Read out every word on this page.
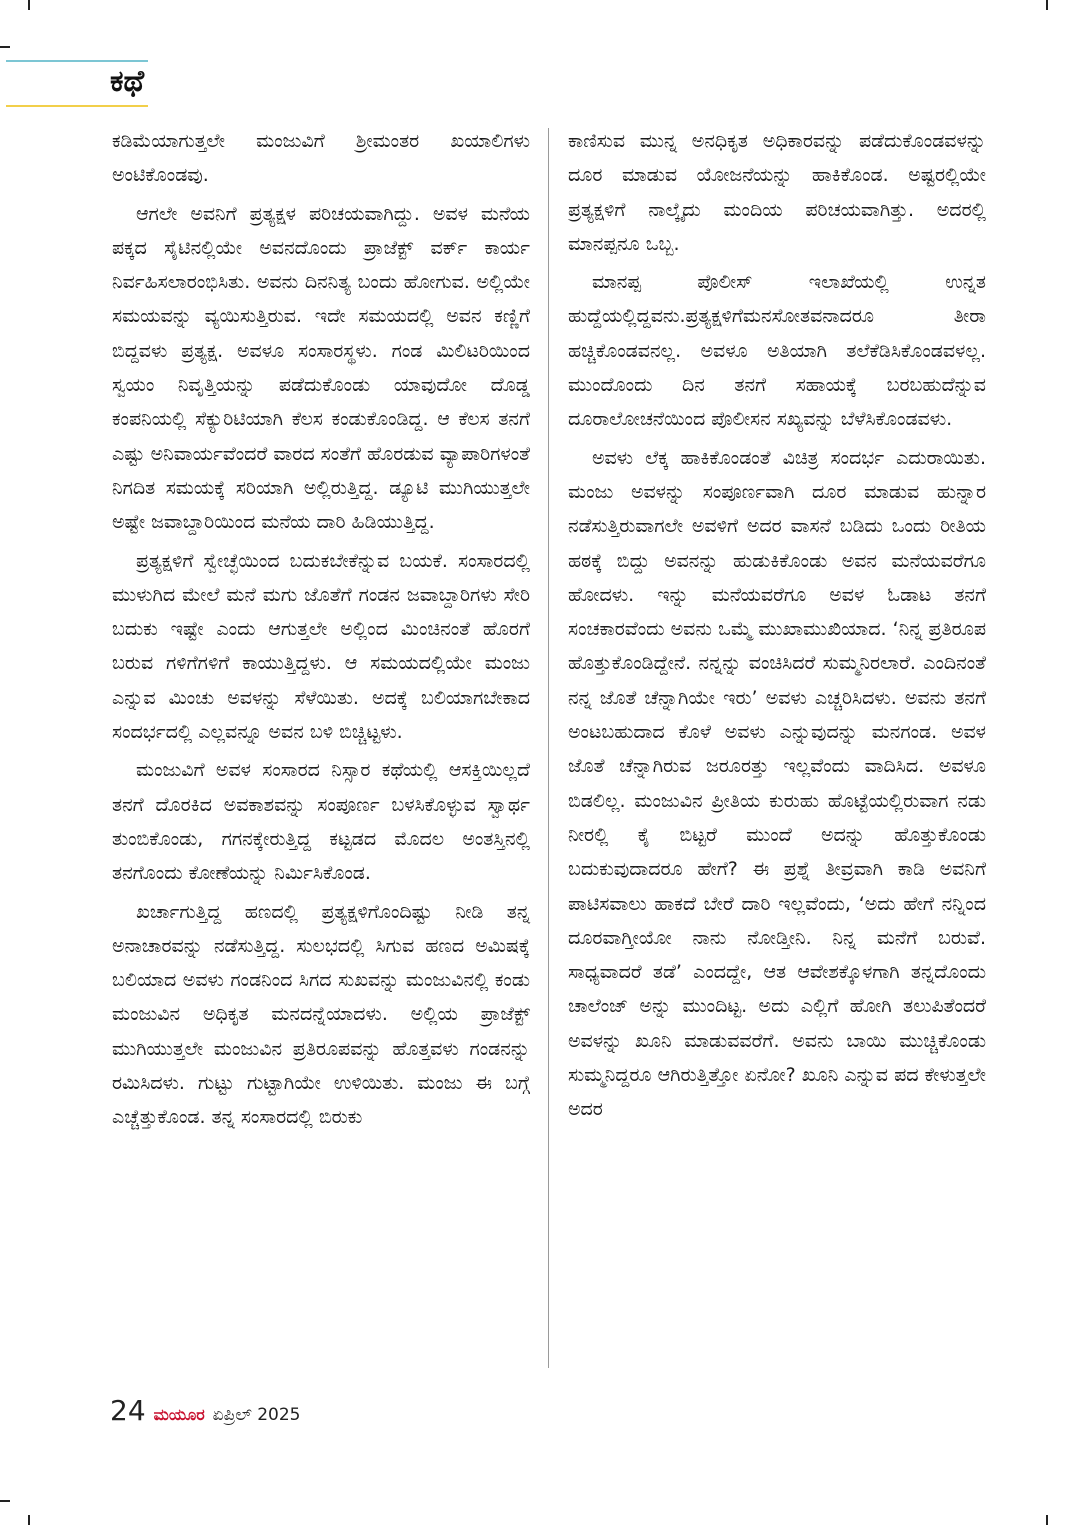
ಕಥೆ

ಕಡಿಮೆಯಾಗುತ್ತಲೇ ಮಂಜುವಿಗೆ ಶ್ರೀಮಂತರ ಖಯಾಲಿಗಳು ಅಂಟಿಕೊಂಡವು.

ಆಗಲೇ ಅವನಿಗೆ ಪ್ರತ್ಯಕ್ಷಳ ಪರಿಚಯವಾಗಿದ್ದು. ಅವಳ ಮನೆಯ ಪಕ್ಕದ ಸೈಟಿನಲ್ಲಿಯೇ ಅವನದೊಂದು ಪ್ರಾಜೆಕ್ಟ್ ವರ್ಕ್ ಕಾರ್ಯ ನಿರ್ವಹಿಸಲಾರಂಭಿಸಿತು. ಅವನು ದಿನನಿತ್ಯ ಬಂದು ಹೋಗುವ. ಅಲ್ಲಿಯೇ ಸಮಯವನ್ನು ವ್ಯಯಿಸುತ್ತಿರುವ. ಇದೇ ಸಮಯದಲ್ಲಿ ಅವನ ಕಣ್ಣಿಗೆ ಬಿದ್ದವಳು ಪ್ರತ್ಯಕ್ಷ. ಅವಳೂ ಸಂಸಾರಸ್ಥಳು. ಗಂಡ ಮಿಲಿಟರಿಯಿಂದ ಸ್ವಯಂ ನಿವೃತ್ತಿಯನ್ನು ಪಡೆದುಕೊಂಡು ಯಾವುದೋ ದೊಡ್ಡ ಕಂಪನಿಯಲ್ಲಿ ಸೆಕ್ಯುರಿಟಿಯಾಗಿ ಕೆಲಸ ಕಂಡುಕೊಂಡಿದ್ದ. ಆ ಕೆಲಸ ತನಗೆ ಎಷ್ಟು ಅನಿವಾರ್ಯವೆಂದರೆ ವಾರದ ಸಂತೆಗೆ ಹೊರಡುವ ವ್ಯಾಪಾರಿಗಳಂತೆ ನಿಗದಿತ ಸಮಯಕ್ಕೆ ಸರಿಯಾಗಿ ಅಲ್ಲಿರುತ್ತಿದ್ದ. ಡ್ಯೂಟಿ ಮುಗಿಯುತ್ತಲೇ ಅಷ್ಟೇ ಜವಾಬ್ದಾರಿಯಿಂದ ಮನೆಯ ದಾರಿ ಹಿಡಿಯುತ್ತಿದ್ದ.

ಪ್ರತ್ಯಕ್ಷಳಿಗೆ ಸ್ವೇಚ್ಛೆಯಿಂದ ಬದುಕಬೇಕೆನ್ನುವ ಬಯಕೆ. ಸಂಸಾರದಲ್ಲಿ ಮುಳುಗಿದ ಮೇಲೆ ಮನೆ ಮಗು ಜೊತೆಗೆ ಗಂಡನ ಜವಾಬ್ದಾರಿಗಳು ಸೇರಿ ಬದುಕು ಇಷ್ಟೇ ಎಂದು ಆಗುತ್ತಲೇ ಅಲ್ಲಿಂದ ಮಿಂಚಿನಂತೆ ಹೊರಗೆ ಬರುವ ಗಳಿಗೆಗಳಿಗೆ ಕಾಯುತ್ತಿದ್ದಳು. ಆ ಸಮಯದಲ್ಲಿಯೇ ಮಂಜು ಎನ್ನುವ ಮಿಂಚು ಅವಳನ್ನು ಸೆಳೆಯಿತು. ಅದಕ್ಕೆ ಬಲಿಯಾಗಬೇಕಾದ ಸಂದರ್ಭದಲ್ಲಿ ಎಲ್ಲವನ್ನೂ ಅವನ ಬಳಿ ಬಿಚ್ಚಿಟ್ಟಳು.

ಮಂಜುವಿಗೆ ಅವಳ ಸಂಸಾರದ ನಿಸ್ಸಾರ ಕಥೆಯಲ್ಲಿ ಆಸಕ್ತಿಯಿಲ್ಲದೆ ತನಗೆ ದೊರಕಿದ ಅವಕಾಶವನ್ನು ಸಂಪೂರ್ಣ ಬಳಸಿಕೊಳ್ಳುವ ಸ್ವಾರ್ಥ ತುಂಬಿಕೊಂಡು, ಗಗನಕ್ಕೇರುತ್ತಿದ್ದ ಕಟ್ಟಡದ ಮೊದಲ ಅಂತಸ್ತಿನಲ್ಲಿ ತನಗೊಂದು ಕೋಣೆಯನ್ನು ನಿರ್ಮಿಸಿಕೊಂಡ.

ಖರ್ಚಾಗುತ್ತಿದ್ದ ಹಣದಲ್ಲಿ ಪ್ರತ್ಯಕ್ಷಳಿಗೊಂದಿಷ್ಟು ನೀಡಿ ತನ್ನ ಅನಾಚಾರವನ್ನು ನಡೆಸುತ್ತಿದ್ದ. ಸುಲಭದಲ್ಲಿ ಸಿಗುವ ಹಣದ ಅಮಿಷಕ್ಕೆ ಬಲಿಯಾದ ಅವಳು ಗಂಡನಿಂದ ಸಿಗದ ಸುಖವನ್ನು ಮಂಜುವಿನಲ್ಲಿ ಕಂಡು ಮಂಜುವಿನ ಅಧಿಕೃತ ಮನದನ್ನೆಯಾದಳು. ಅಲ್ಲಿಯ ಪ್ರಾಜೆಕ್ಟ್ ಮುಗಿಯುತ್ತಲೇ ಮಂಜುವಿನ ಪ್ರತಿರೂಪವನ್ನು ಹೊತ್ತವಳು ಗಂಡನನ್ನು ರಮಿಸಿದಳು. ಗುಟ್ಟು ಗುಟ್ಟಾಗಿಯೇ ಉಳಿಯಿತು. ಮಂಜು ಈ ಬಗ್ಗೆ ಎಚ್ಚೆತ್ತುಕೊಂಡ. ತನ್ನ ಸಂಸಾರದಲ್ಲಿ ಬಿರುಕು

ಕಾಣಿಸುವ ಮುನ್ನ ಅನಧಿಕೃತ ಅಧಿಕಾರವನ್ನು ಪಡೆದುಕೊಂಡವಳನ್ನು ದೂರ ಮಾಡುವ ಯೋಜನೆಯನ್ನು ಹಾಕಿಕೊಂಡ. ಅಷ್ಟರಲ್ಲಿಯೇ ಪ್ರತ್ಯಕ್ಷಳಿಗೆ ನಾಲ್ಕೈದು ಮಂದಿಯ ಪರಿಚಯವಾಗಿತ್ತು. ಅದರಲ್ಲಿ ಮಾನಪ್ಪನೂ ಒಬ್ಬ.

ಮಾನಪ್ಪ ಪೊಲೀಸ್ ಇಲಾಖೆಯಲ್ಲಿ ಉನ್ನತ ಹುದ್ದೆಯಲ್ಲಿದ್ದವನು.ಪ್ರತ್ಯಕ್ಷಳಿಗೆಮನಸೋತವನಾದರೂ ತೀರಾ ಹಚ್ಚಿಕೊಂಡವನಲ್ಲ. ಅವಳೂ ಅತಿಯಾಗಿ ತಲೆಕೆಡಿಸಿಕೊಂಡವಳಲ್ಲ. ಮುಂದೊಂದು ದಿನ ತನಗೆ ಸಹಾಯಕ್ಕೆ ಬರಬಹುದೆನ್ನುವ ದೂರಾಲೋಚನೆಯಿಂದ ಪೊಲೀಸನ ಸಖ್ಯವನ್ನು ಬೆಳೆಸಿಕೊಂಡವಳು.

ಅವಳು ಲೆಕ್ಕ ಹಾಕಿಕೊಂಡಂತೆ ವಿಚಿತ್ರ ಸಂದರ್ಭ ಎದುರಾಯಿತು. ಮಂಜು ಅವಳನ್ನು ಸಂಪೂರ್ಣವಾಗಿ ದೂರ ಮಾಡುವ ಹುನ್ನಾರ ನಡೆಸುತ್ತಿರುವಾಗಲೇ ಅವಳಿಗೆ ಅದರ ವಾಸನೆ ಬಡಿದು ಒಂದು ರೀತಿಯ ಹಠಕ್ಕೆ ಬಿದ್ದು ಅವನನ್ನು ಹುಡುಕಿಕೊಂಡು ಅವನ ಮನೆಯವರೆಗೂ ಹೋದಳು. ಇನ್ನು ಮನೆಯವರೆಗೂ ಅವಳ ಓಡಾಟ ತನಗೆ ಸಂಚಕಾರವೆಂದು ಅವನು ಒಮ್ಮೆ ಮುಖಾಮುಖಿಯಾದ. ‘ನಿನ್ನ ಪ್ರತಿರೂಪ ಹೊತ್ತುಕೊಂಡಿದ್ದೇನೆ. ನನ್ನನ್ನು ವಂಚಿಸಿದರೆ ಸುಮ್ಮನಿರಲಾರೆ. ಎಂದಿನಂತೆ ನನ್ನ ಜೊತೆ ಚೆನ್ನಾಗಿಯೇ ಇರು’ ಅವಳು ಎಚ್ಚರಿಸಿದಳು. ಅವನು ತನಗೆ ಅಂಟಬಹುದಾದ ಕೊಳೆ ಅವಳು ಎನ್ನುವುದನ್ನು ಮನಗಂಡ. ಅವಳ ಜೊತೆ ಚೆನ್ನಾಗಿರುವ ಜರೂರತ್ತು ಇಲ್ಲವೆಂದು ವಾದಿಸಿದ. ಅವಳೂ ಬಿಡಲಿಲ್ಲ. ಮಂಜುವಿನ ಪ್ರೀತಿಯ ಕುರುಹು ಹೊಟ್ಟೆಯಲ್ಲಿರುವಾಗ ನಡು ನೀರಲ್ಲಿ ಕೈ ಬಿಟ್ಟರೆ ಮುಂದೆ ಅದನ್ನು ಹೊತ್ತುಕೊಂಡು ಬದುಕುವುದಾದರೂ ಹೇಗೆ? ಈ ಪ್ರಶ್ನೆ ತೀವ್ರವಾಗಿ ಕಾಡಿ ಅವನಿಗೆ ಪಾಟಿಸವಾಲು ಹಾಕದೆ ಬೇರೆ ದಾರಿ ಇಲ್ಲವೆಂದು, ‘ಅದು ಹೇಗೆ ನನ್ನಿಂದ ದೂರವಾಗ್ತೀಯೋ ನಾನು ನೋಡ್ತೀನಿ. ನಿನ್ನ ಮನೆಗೆ ಬರುವೆ. ಸಾಧ್ಯವಾದರೆ ತಡೆ’ ಎಂದದ್ದೇ, ಆತ ಆವೇಶಕ್ಕೊಳಗಾಗಿ ತನ್ನದೊಂದು ಚಾಲೆಂಜ್ ಅನ್ನು ಮುಂದಿಟ್ಟ. ಅದು ಎಲ್ಲಿಗೆ ಹೋಗಿ ತಲುಪಿತೆಂದರೆ ಅವಳನ್ನು ಖೂನಿ ಮಾಡುವವರೆಗೆ. ಅವನು ಬಾಯಿ ಮುಚ್ಚಿಕೊಂಡು ಸುಮ್ಮನಿದ್ದರೂ ಆಗಿರುತ್ತಿತ್ತೋ ಏನೋ? ಖೂನಿ ಎನ್ನುವ ಪದ ಕೇಳುತ್ತಲೇ ಅದರ

24 ಮಯೂರ ಏಪ್ರಿಲ್ 2025
